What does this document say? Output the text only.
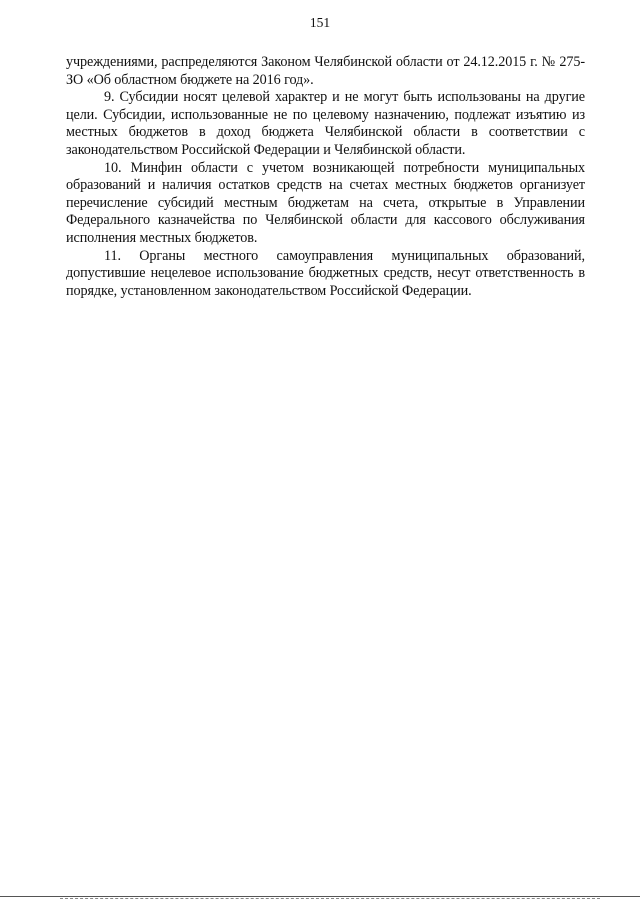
151

учреждениями, распределяются Законом Челябинской области от 24.12.2015 г. № 275-ЗО «Об областном бюджете на 2016 год».

9. Субсидии носят целевой характер и не могут быть использованы на другие цели. Субсидии, использованные не по целевому назначению, подлежат изъятию из местных бюджетов в доход бюджета Челябинской области в соответствии с законодательством Российской Федерации и Челябинской области.

10. Минфин области с учетом возникающей потребности муниципальных образований и наличия остатков средств на счетах местных бюджетов организует перечисление субсидий местным бюджетам на счета, открытые в Управлении Федерального казначейства по Челябинской области для кассового обслуживания исполнения местных бюджетов.

11. Органы местного самоуправления муниципальных образований, допустившие нецелевое использование бюджетных средств, несут ответственность в порядке, установленном законодательством Российской Федерации.
